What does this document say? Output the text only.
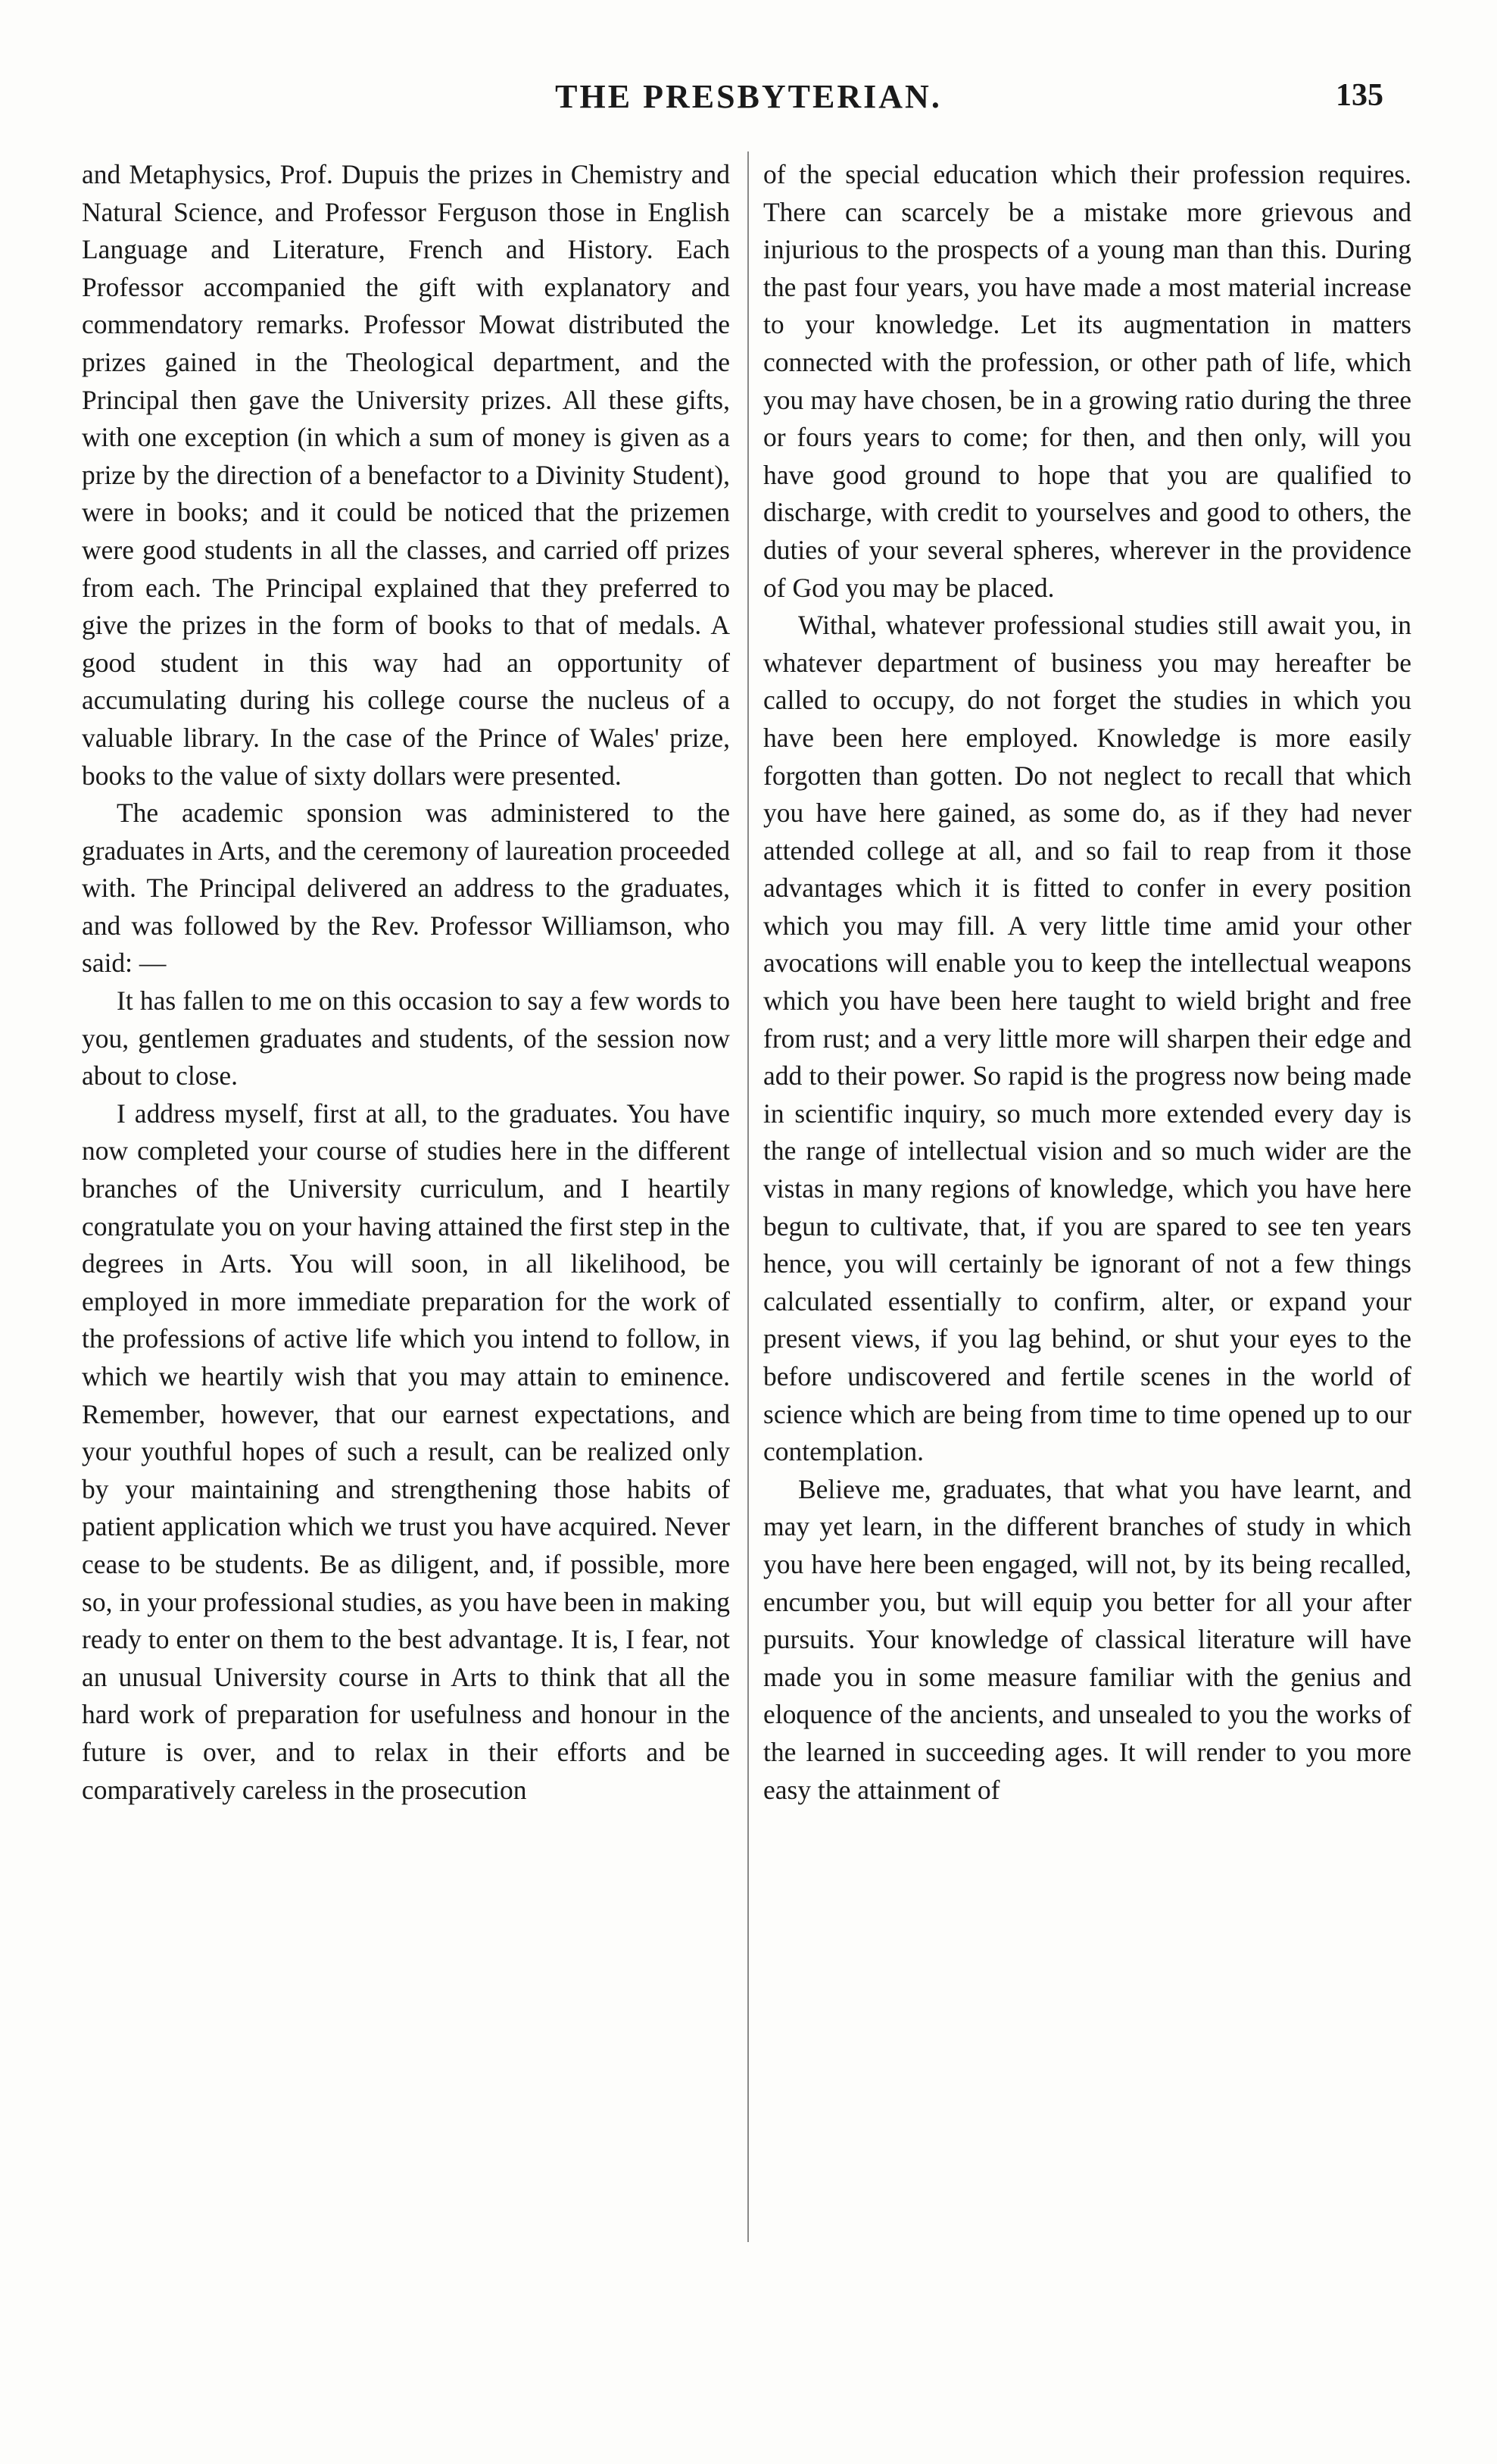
THE PRESBYTERIAN.	135

and Metaphysics, Prof. Dupuis the prizes in Chemistry and Natural Science, and Professor Ferguson those in English Language and Literature, French and History. Each Professor accompanied the gift with explanatory and commendatory remarks. Professor Mowat distributed the prizes gained in the Theological department, and the Principal then gave the University prizes. All these gifts, with one exception (in which a sum of money is given as a prize by the direction of a benefactor to a Divinity Student), were in books; and it could be noticed that the prizemen were good students in all the classes, and carried off prizes from each. The Principal explained that they preferred to give the prizes in the form of books to that of medals. A good student in this way had an opportunity of accumulating during his college course the nucleus of a valuable library. In the case of the Prince of Wales' prize, books to the value of sixty dollars were presented.

The academic sponsion was administered to the graduates in Arts, and the ceremony of laureation proceeded with. The Principal delivered an address to the graduates, and was followed by the Rev. Professor Williamson, who said: —

It has fallen to me on this occasion to say a few words to you, gentlemen graduates and students, of the session now about to close.

I address myself, first at all, to the graduates. You have now completed your course of studies here in the different branches of the University curriculum, and I heartily congratulate you on your having attained the first step in the degrees in Arts. You will soon, in all likelihood, be employed in more immediate preparation for the work of the professions of active life which you intend to follow, in which we heartily wish that you may attain to eminence. Remember, however, that our earnest expectations, and your youthful hopes of such a result, can be realized only by your maintaining and strengthening those habits of patient application which we trust you have acquired. Never cease to be students. Be as diligent, and, if possible, more so, in your professional studies, as you have been in making ready to enter on them to the best advantage. It is, I fear, not an unusual University course in Arts to think that all the hard work of preparation for usefulness and honour in the future is over, and to relax in their efforts and be comparatively careless in the prosecution

of the special education which their profession requires. There can scarcely be a mistake more grievous and injurious to the prospects of a young man than this. During the past four years, you have made a most material increase to your knowledge. Let its augmentation in matters connected with the profession, or other path of life, which you may have chosen, be in a growing ratio during the three or fours years to come; for then, and then only, will you have good ground to hope that you are qualified to discharge, with credit to yourselves and good to others, the duties of your several spheres, wherever in the providence of God you may be placed.

Withal, whatever professional studies still await you, in whatever department of business you may hereafter be called to occupy, do not forget the studies in which you have been here employed. Knowledge is more easily forgotten than gotten. Do not neglect to recall that which you have here gained, as some do, as if they had never attended college at all, and so fail to reap from it those advantages which it is fitted to confer in every position which you may fill. A very little time amid your other avocations will enable you to keep the intellectual weapons which you have been here taught to wield bright and free from rust; and a very little more will sharpen their edge and add to their power. So rapid is the progress now being made in scientific inquiry, so much more extended every day is the range of intellectual vision and so much wider are the vistas in many regions of knowledge, which you have here begun to cultivate, that, if you are spared to see ten years hence, you will certainly be ignorant of not a few things calculated essentially to confirm, alter, or expand your present views, if you lag behind, or shut your eyes to the before undiscovered and fertile scenes in the world of science which are being from time to time opened up to our contemplation.

Believe me, graduates, that what you have learnt, and may yet learn, in the different branches of study in which you have here been engaged, will not, by its being recalled, encumber you, but will equip you better for all your after pursuits. Your knowledge of classical literature will have made you in some measure familiar with the genius and eloquence of the ancients, and unsealed to you the works of the learned in succeeding ages. It will render to you more easy the attainment of
